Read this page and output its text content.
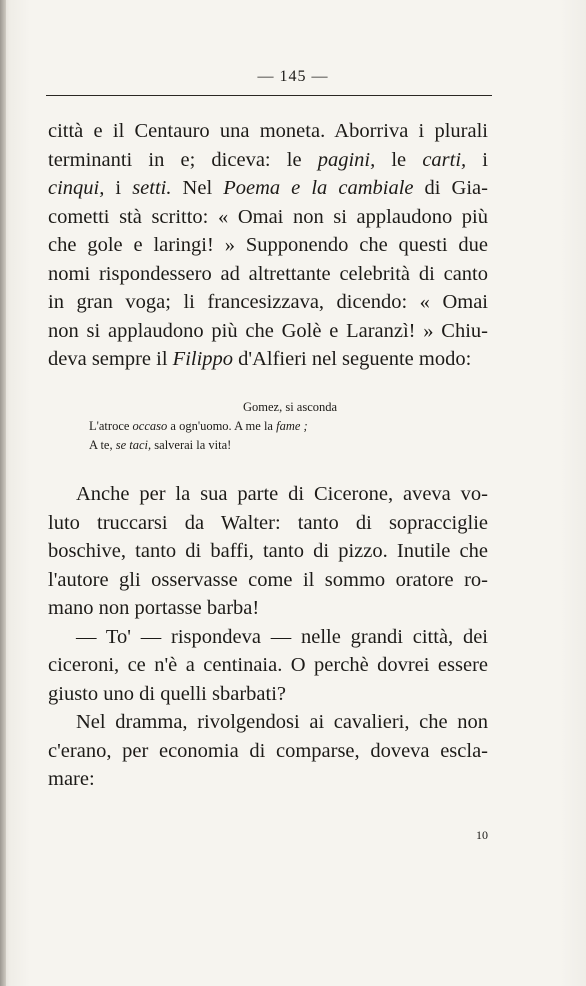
— 145 —
città e il Centauro una moneta. Aborriva i plurali
terminanti in e; diceva: le pagini, le carti, i
cinqui, i setti. Nel Poema e la cambiale di Gia-
cometti stà scritto: « Omai non si applaudono più
che gole e laringi! » Supponendo che questi due
nomi rispondessero ad altrettante celebrità di canto
in gran voga; li francesizzava, dicendo: « Omai
non si applaudono più che Golè e Laranzì! » Chiu-
deva sempre il Filippo d'Alfieri nel seguente modo:
Gomez, si asconda
L'atroce occaso a ogn'uomo. A me la fame ;
A te, se taci, salverai la vita!
Anche per la sua parte di Cicerone, aveva vo-
luto truccarsi da Walter: tanto di sopracciglie
boschive, tanto di baffi, tanto di pizzo. Inutile che
l'autore gli osservasse come il sommo oratore ro-
mano non portasse barba!
— To' — rispondeva — nelle grandi città, dei
ciceroni, ce n'è a centinaia. O perchè dovrei essere
giusto uno di quelli sbarbati?
Nel dramma, rivolgendosi ai cavalieri, che non
c'erano, per economia di comparse, doveva escla-
mare:
10
